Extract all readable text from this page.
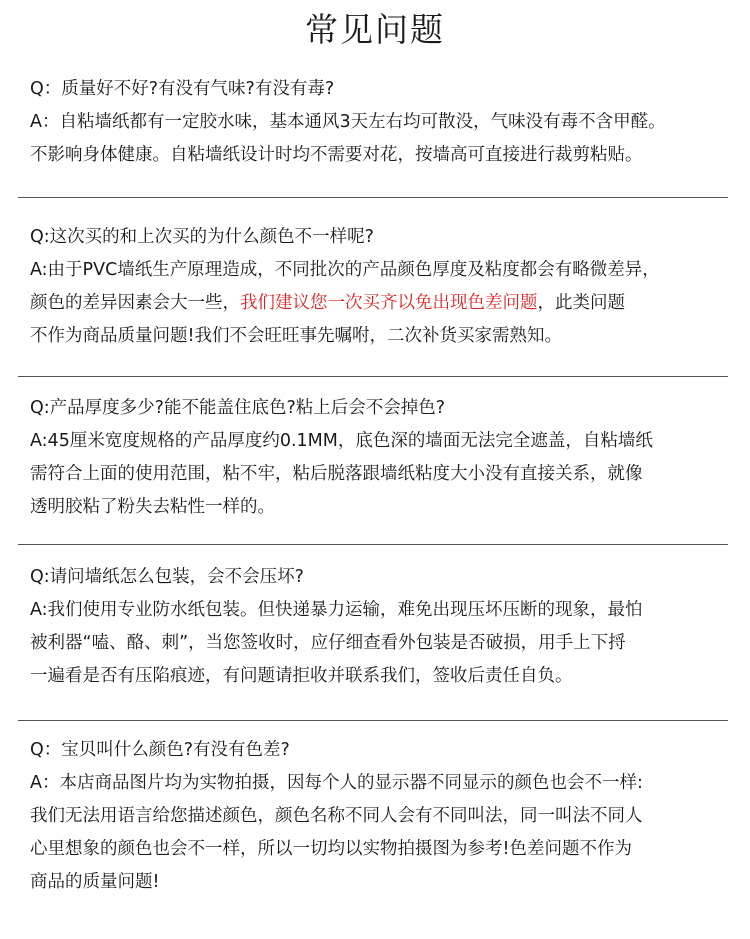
常见问题

Q：质量好不好?有没有气味?有没有毒?

A：自粘墙纸都有一定胶水味，基本通风3天左右均可散没，气味没有毒不含甲醛。

不影响身体健康。自粘墙纸设计时均不需要对花，按墙高可直接进行裁剪粘贴。

Q:这次买的和上次买的为什么颜色不一样呢?

A:由于PVC墙纸生产原理造成，不同批次的产品颜色厚度及粘度都会有略微差异，

颜色的差异因素会大一些，我们建议您一次买齐以免出现色差问题，此类问题

不作为商品质量问题!我们不会旺旺事先嘱咐，二次补货买家需熟知。

Q:产品厚度多少?能不能盖住底色?粘上后会不会掉色?

A:45厘米宽度规格的产品厚度约0.1MM，底色深的墙面无法完全遮盖，自粘墙纸

需符合上面的使用范围，粘不牢，粘后脱落跟墙纸粘度大小没有直接关系，就像

透明胶粘了粉失去粘性一样的。

Q:请问墙纸怎么包装，会不会压坏?

A:我们使用专业防水纸包装。但快递暴力运输，难免出现压坏压断的现象，最怕

被利器“嗑、酪、刺”，当您签收时，应仔细查看外包装是否破损，用手上下捋

一遍看是否有压陷痕迹，有问题请拒收并联系我们，签收后责任自负。

Q：宝贝叫什么颜色?有没有色差?

A：本店商品图片均为实物拍摄，因每个人的显示器不同显示的颜色也会不一样:

我们无法用语言给您描述颜色，颜色名称不同人会有不同叫法，同一叫法不同人

心里想象的颜色也会不一样，所以一切均以实物拍摄图为参考!色差问题不作为

商品的质量问题!
